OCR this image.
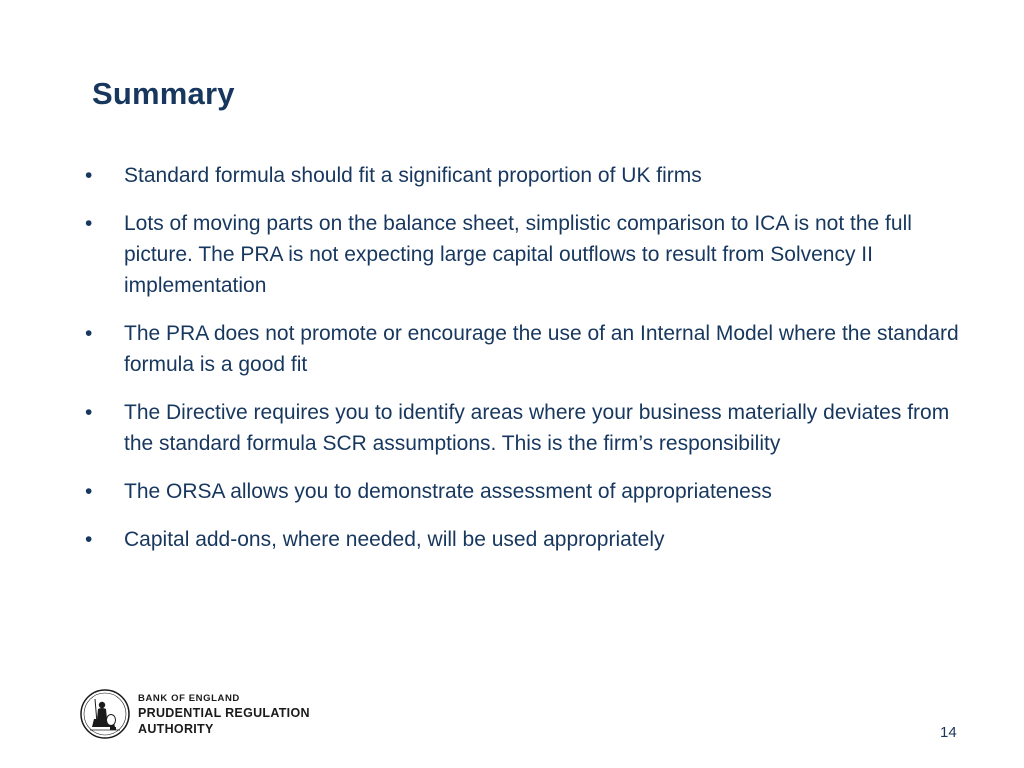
Summary
•	Standard formula should fit a significant proportion of UK firms
•	Lots of moving parts on the balance sheet, simplistic comparison to ICA is not the full picture. The PRA is not expecting large capital outflows to result from Solvency II implementation
•	The PRA does not promote or encourage the use of an Internal Model where the standard formula is a good fit
•	The Directive requires you to identify areas where your business materially deviates from the standard formula SCR assumptions. This is the firm’s responsibility
•	The ORSA allows you to demonstrate assessment of appropriateness
•	Capital add-ons, where needed, will be used appropriately
BANK OF ENGLAND
PRUDENTIAL REGULATION
AUTHORITY	14
